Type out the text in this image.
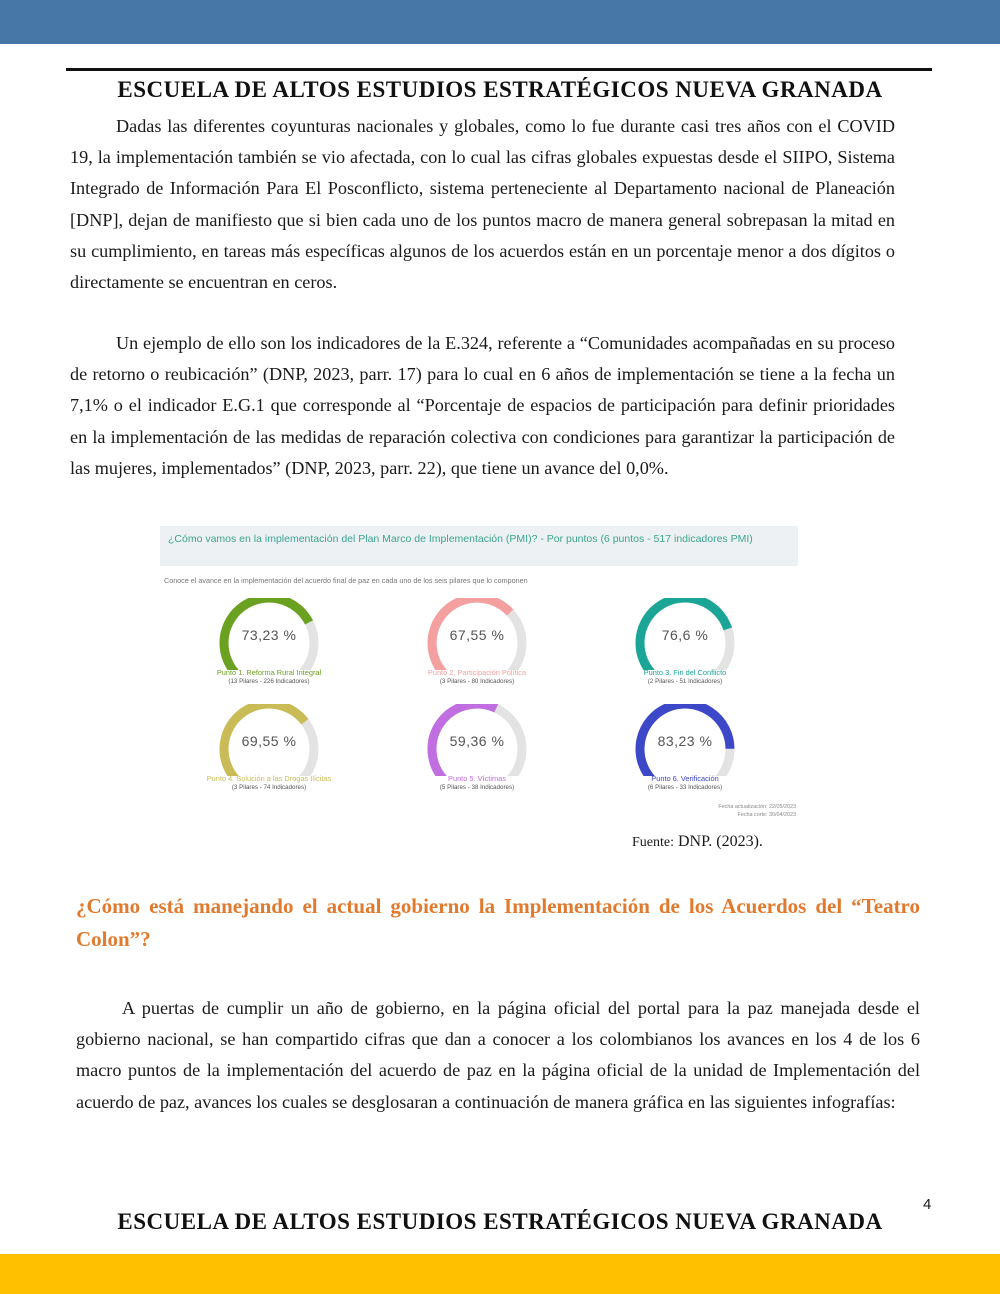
ESCUELA DE ALTOS ESTUDIOS ESTRATÉGICOS NUEVA GRANADA

Dadas las diferentes coyunturas nacionales y globales, como lo fue durante casi tres años con el COVID 19, la implementación también se vio afectada, con lo cual las cifras globales expuestas desde el SIIPO, Sistema Integrado de Información Para El Posconflicto, sistema perteneciente al Departamento nacional de Planeación [DNP], dejan de manifiesto que si bien cada uno de los puntos macro de manera general sobrepasan la mitad en su cumplimiento, en tareas más específicas algunos de los acuerdos están en un porcentaje menor a dos dígitos o directamente se encuentran en ceros.

Un ejemplo de ello son los indicadores de la E.324, referente a “Comunidades acompañadas en su proceso de retorno o reubicación” (DNP, 2023, parr. 17) para lo cual en 6 años de implementación se tiene a la fecha un 7,1% o el indicador E.G.1 que corresponde al “Porcentaje de espacios de participación para definir prioridades en la implementación de las medidas de reparación colectiva con condiciones para garantizar la participación de las mujeres, implementados” (DNP, 2023, parr. 22), que tiene un avance del 0,0%.

¿Cómo vamos en la implementación del Plan Marco de Implementación (PMI)? - Por puntos (6 puntos - 517 indicadores PMI)
Conoce el avance en la implementación del acuerdo final de paz en cada uno de los seis pilares que lo componen
73,23 %
Punto 1. Reforma Rural Integral
(13 Pilares - 226 Indicadores)
67,55 %
Punto 2. Participación Política
(3 Pilares - 80 Indicadores)
76,6 %
Punto 3. Fin del Conflicto
(2 Pilares - 51 Indicadores)
69,55 %
Punto 4. Solución a las Drogas Ilícitas
(3 Pilares - 74 Indicadores)
59,36 %
Punto 5. Víctimas
(5 Pilares - 38 Indicadores)
83,23 %
Punto 6. Verificación
(6 Pilares - 33 Indicadores)
Fecha actualización: 22/05/2023
Fecha corte: 30/04/2023
Fuente: DNP. (2023).
¿Cómo está manejando el actual gobierno la Implementación de los Acuerdos del “Teatro Colon”?

A puertas de cumplir un año de gobierno, en la página oficial del portal para la paz manejada desde el gobierno nacional, se han compartido cifras que dan a conocer a los colombianos los avances en los 4 de los 6 macro puntos de la implementación del acuerdo de paz en la página oficial de la unidad de Implementación del acuerdo de paz, avances los cuales se desglosaran a continuación de manera gráfica en las siguientes infografías:

4
ESCUELA DE ALTOS ESTUDIOS ESTRATÉGICOS NUEVA GRANADA
